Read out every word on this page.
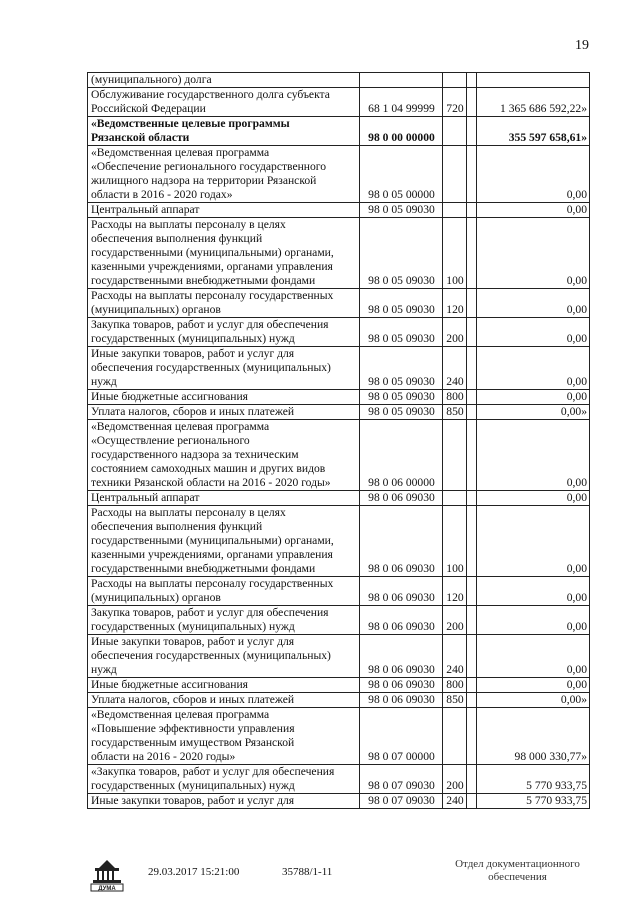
19
(муниципального) долга				
Обслуживание государственного долга субъекта
Российской Федерации	68 1 04 99999	720		1 365 686 592,22»
«Ведомственные целевые программы
Рязанской области	98 0 00 00000			355 597 658,61»
«Ведомственная целевая программа
«Обеспечение регионального государственного
жилищного надзора на территории Рязанской
области в 2016 - 2020 годах»	98 0 05 00000			0,00
Центральный аппарат	98 0 05 09030			0,00
Расходы на выплаты персоналу в целях
обеспечения выполнения функций
государственными (муниципальными) органами,
казенными учреждениями, органами управления
государственными внебюджетными фондами	98 0 05 09030	100		0,00
Расходы на выплаты персоналу государственных
(муниципальных) органов	98 0 05 09030	120		0,00
Закупка товаров, работ и услуг для обеспечения
государственных (муниципальных) нужд	98 0 05 09030	200		0,00
Иные закупки товаров, работ и услуг для
обеспечения государственных (муниципальных)
нужд	98 0 05 09030	240		0,00
Иные бюджетные ассигнования	98 0 05 09030	800		0,00
Уплата налогов, сборов и иных платежей	98 0 05 09030	850		0,00»
«Ведомственная целевая программа
«Осуществление регионального
государственного надзора за техническим
состоянием самоходных машин и других видов
техники Рязанской области на 2016 - 2020 годы»	98 0 06 00000			0,00
Центральный аппарат	98 0 06 09030			0,00
Расходы на выплаты персоналу в целях
обеспечения выполнения функций
государственными (муниципальными) органами,
казенными учреждениями, органами управления
государственными внебюджетными фондами	98 0 06 09030	100		0,00
Расходы на выплаты персоналу государственных
(муниципальных) органов	98 0 06 09030	120		0,00
Закупка товаров, работ и услуг для обеспечения
государственных (муниципальных) нужд	98 0 06 09030	200		0,00
Иные закупки товаров, работ и услуг для
обеспечения государственных (муниципальных)
нужд	98 0 06 09030	240		0,00
Иные бюджетные ассигнования	98 0 06 09030	800		0,00
Уплата налогов, сборов и иных платежей	98 0 06 09030	850		0,00»
«Ведомственная целевая программа
«Повышение эффективности управления
государственным имуществом Рязанской
области на 2016 - 2020 годы»	98 0 07 00000			98 000 330,77»
«Закупка товаров, работ и услуг для обеспечения
государственных (муниципальных) нужд	98 0 07 09030	200		5 770 933,75
Иные закупки товаров, работ и услуг для	98 0 07 09030	240		5 770 933,75
ДУМА
29.03.2017 15:21:00	35788/1-11
Отдел документационного
обеспечения
